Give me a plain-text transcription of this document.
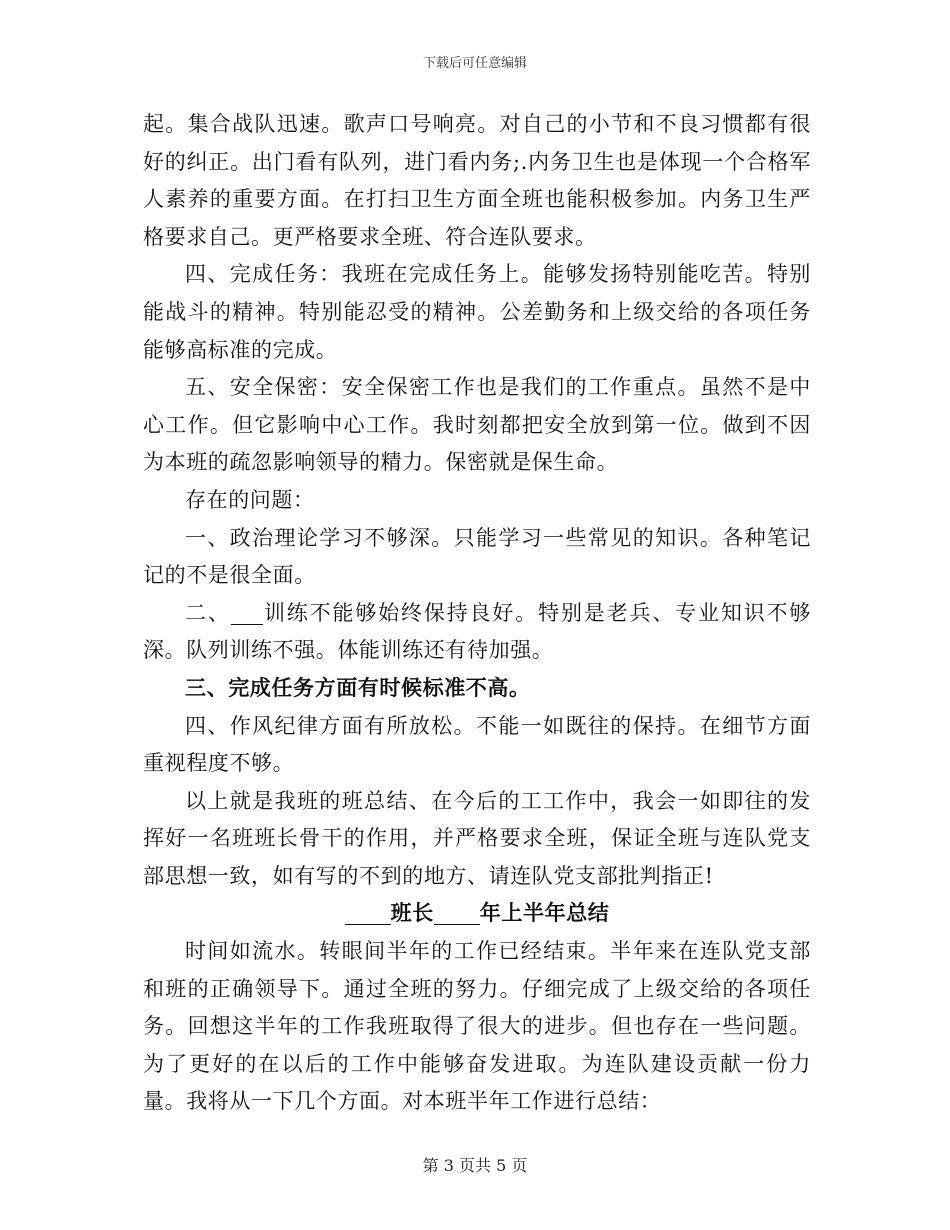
下载后可任意编辑

起。集合战队迅速。歌声口号响亮。对自己的小节和不良习惯都有很好的纠正。出门看有队列，进门看内务;.内务卫生也是体现一个合格军人素养的重要方面。在打扫卫生方面全班也能积极参加。内务卫生严格要求自己。更严格要求全班、符合连队要求。

四、完成任务：我班在完成任务上。能够发扬特别能吃苦。特别能战斗的精神。特别能忍受的精神。公差勤务和上级交给的各项任务能够高标准的完成。

五、安全保密：安全保密工作也是我们的工作重点。虽然不是中心工作。但它影响中心工作。我时刻都把安全放到第一位。做到不因为本班的疏忽影响领导的精力。保密就是保生命。

存在的问题：

一、政治理论学习不够深。只能学习一些常见的知识。各种笔记记的不是很全面。

二、 训练不能够始终保持良好。特别是老兵、专业知识不够深。队列训练不强。体能训练还有待加强。

三、完成任务方面有时候标准不高。

四、作风纪律方面有所放松。不能一如既往的保持。在细节方面重视程度不够。

以上就是我班的班总结、在今后的工工作中，我会一如即往的发挥好一名班班长骨干的作用，并严格要求全班，保证全班与连队党支部思想一致，如有写的不到的地方、请连队党支部批判指正!

班长 年上半年总结

时间如流水。转眼间半年的工作已经结束。半年来在连队党支部和班的正确领导下。通过全班的努力。仔细完成了上级交给的各项任务。回想这半年的工作我班取得了很大的进步。但也存在一些问题。为了更好的在以后的工作中能够奋发进取。为连队建设贡献一份力量。我将从一下几个方面。对本班半年工作进行总结：

第 3 页共 5 页
